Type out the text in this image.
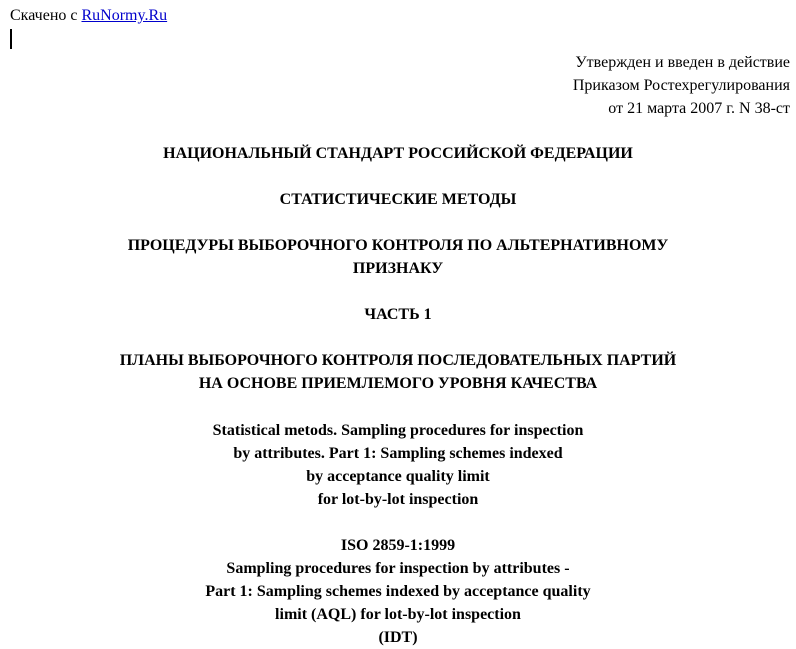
Скачено с RuNormy.Ru
Утвержден и введен в действие
Приказом Ростехрегулирования
от 21 марта 2007 г. N 38-ст
НАЦИОНАЛЬНЫЙ СТАНДАРТ РОССИЙСКОЙ ФЕДЕРАЦИИ
СТАТИСТИЧЕСКИЕ МЕТОДЫ
ПРОЦЕДУРЫ ВЫБОРОЧНОГО КОНТРОЛЯ ПО АЛЬТЕРНАТИВНОМУ
ПРИЗНАКУ
ЧАСТЬ 1
ПЛАНЫ ВЫБОРОЧНОГО КОНТРОЛЯ ПОСЛЕДОВАТЕЛЬНЫХ ПАРТИЙ
НА ОСНОВЕ ПРИЕМЛЕМОГО УРОВНЯ КАЧЕСТВА
Statistical metods. Sampling procedures for inspection
by attributes. Part 1: Sampling schemes indexed
by acceptance quality limit
for lot-by-lot inspection
ISO 2859-1:1999
Sampling procedures for inspection by attributes -
Part 1: Sampling schemes indexed by acceptance quality
limit (AQL) for lot-by-lot inspection
(IDT)
